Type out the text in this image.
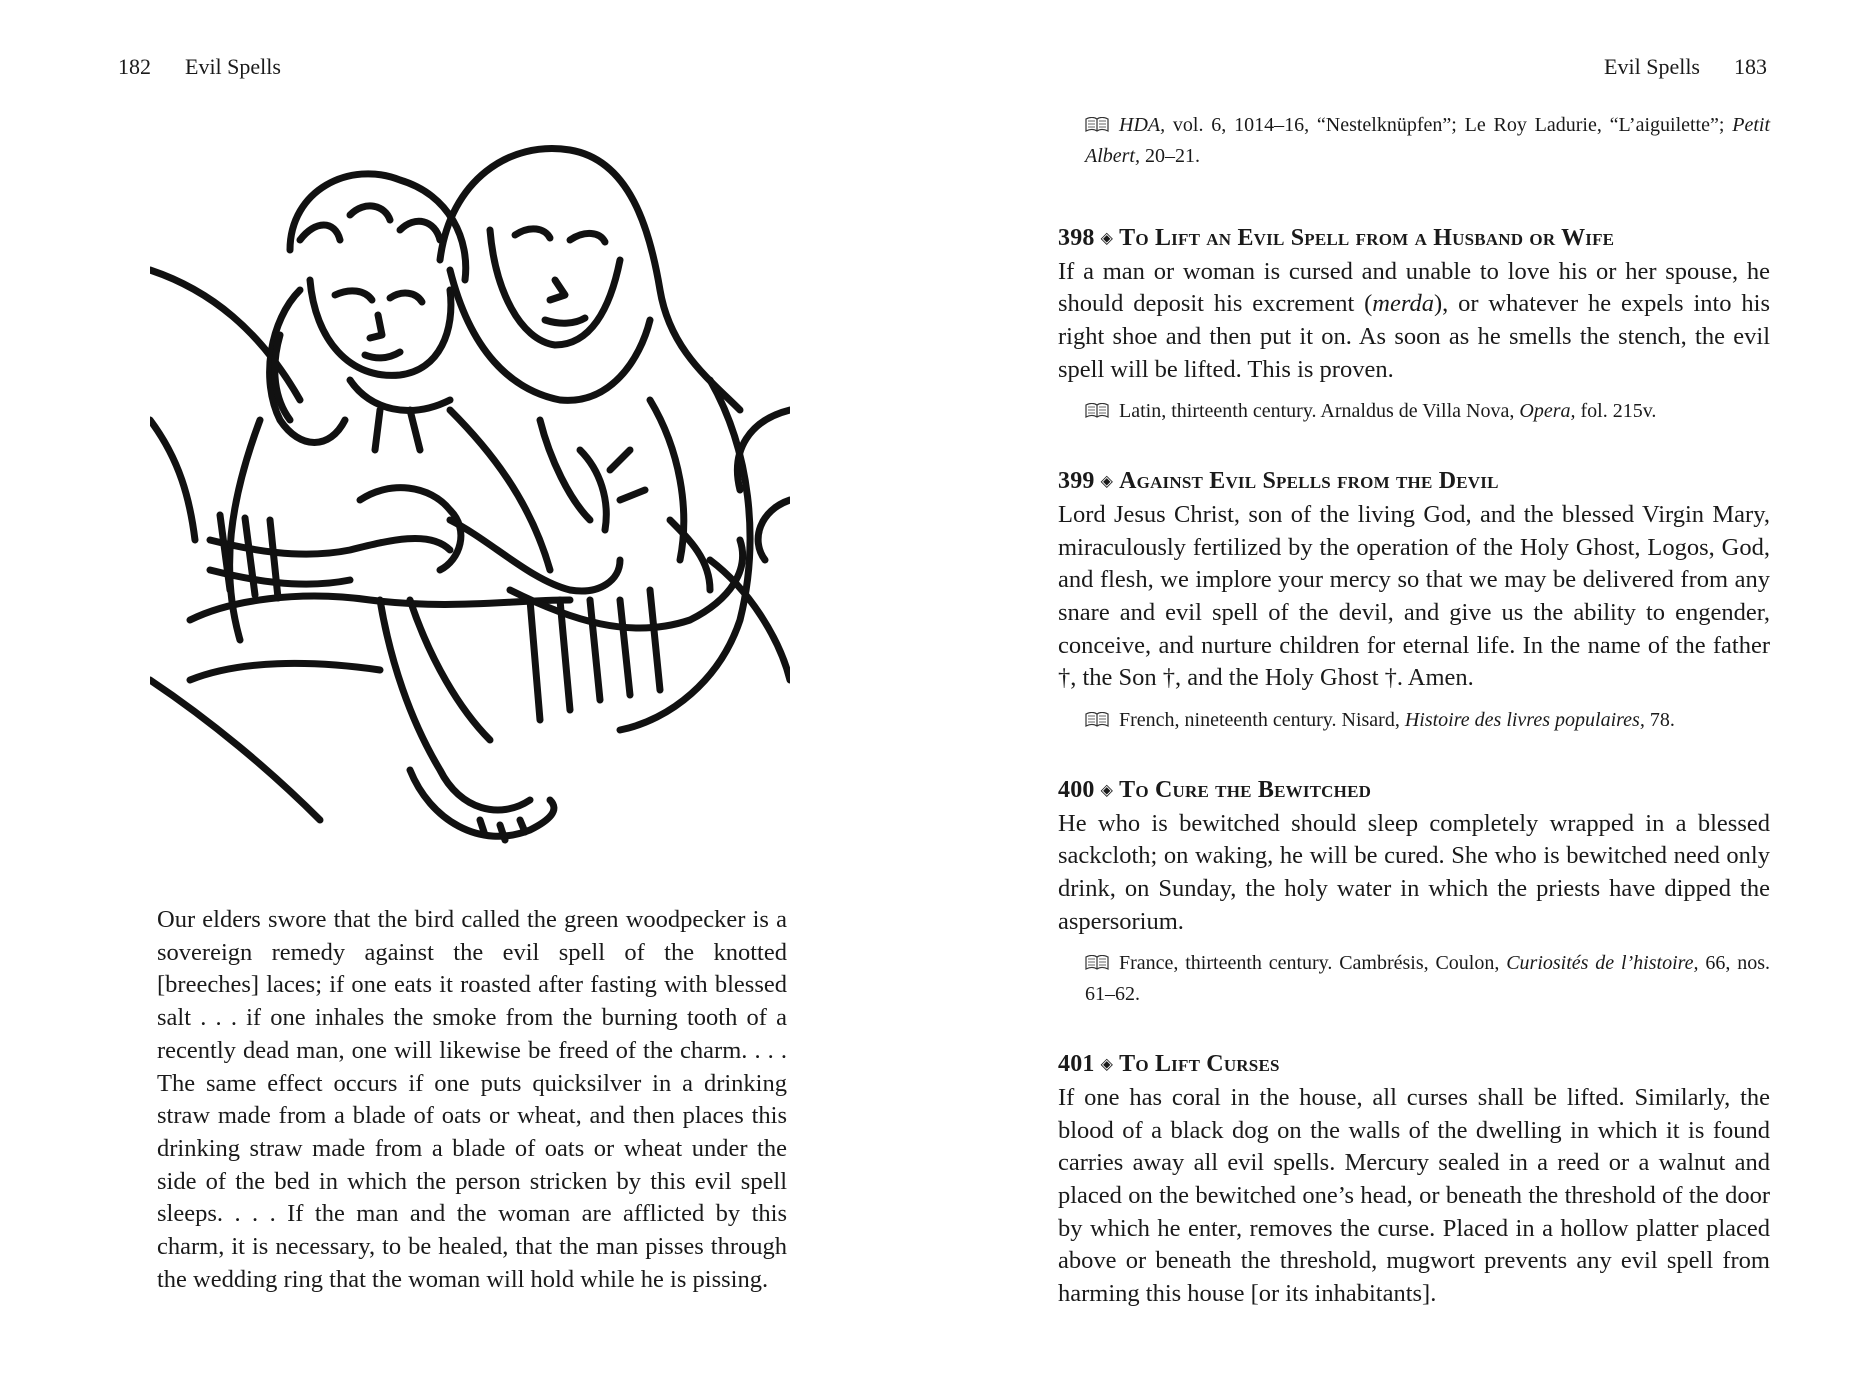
182 Evil Spells
Our elders swore that the bird called the green woodpecker is a sovereign remedy against the evil spell of the knotted [breeches] laces; if one eats it roasted after fasting with blessed salt . . . if one inhales the smoke from the burning tooth of a recently dead man, one will likewise be freed of the charm. . . . The same effect occurs if one puts quicksilver in a drinking straw made from a blade of oats or wheat, and then places this drinking straw made from a blade of oats or wheat under the side of the bed in which the person stricken by this evil spell sleeps. . . . If the man and the woman are afflicted by this charm, it is necessary, to be healed, that the man pisses through the wedding ring that the woman will hold while he is pissing.
Evil Spells 183
HDA, vol. 6, 1014–16, “Nestelknüpfen”; Le Roy Ladurie, “L’aiguilette”; Petit Albert, 20–21.
398 ◈ To Lift an Evil Spell from a Husband or Wife
If a man or woman is cursed and unable to love his or her spouse, he should deposit his excrement (merda), or whatever he expels into his right shoe and then put it on. As soon as he smells the stench, the evil spell will be lifted. This is proven.
Latin, thirteenth century. Arnaldus de Villa Nova, Opera, fol. 215v.
399 ◈ Against Evil Spells from the Devil
Lord Jesus Christ, son of the living God, and the blessed Virgin Mary, miraculously fertilized by the operation of the Holy Ghost, Logos, God, and flesh, we implore your mercy so that we may be delivered from any snare and evil spell of the devil, and give us the ability to engender, conceive, and nurture children for eternal life. In the name of the father †, the Son †, and the Holy Ghost †. Amen.
French, nineteenth century. Nisard, Histoire des livres populaires, 78.
400 ◈ To Cure the Bewitched
He who is bewitched should sleep completely wrapped in a blessed sackcloth; on waking, he will be cured. She who is bewitched need only drink, on Sunday, the holy water in which the priests have dipped the aspersorium.
France, thirteenth century. Cambrésis, Coulon, Curiosités de l’histoire, 66, nos. 61–62.
401 ◈ To Lift Curses
If one has coral in the house, all curses shall be lifted. Similarly, the blood of a black dog on the walls of the dwelling in which it is found carries away all evil spells. Mercury sealed in a reed or a walnut and placed on the bewitched one’s head, or beneath the threshold of the door by which he enter, removes the curse. Placed in a hollow platter placed above or beneath the threshold, mugwort prevents any evil spell from harming this house [or its inhabitants].
